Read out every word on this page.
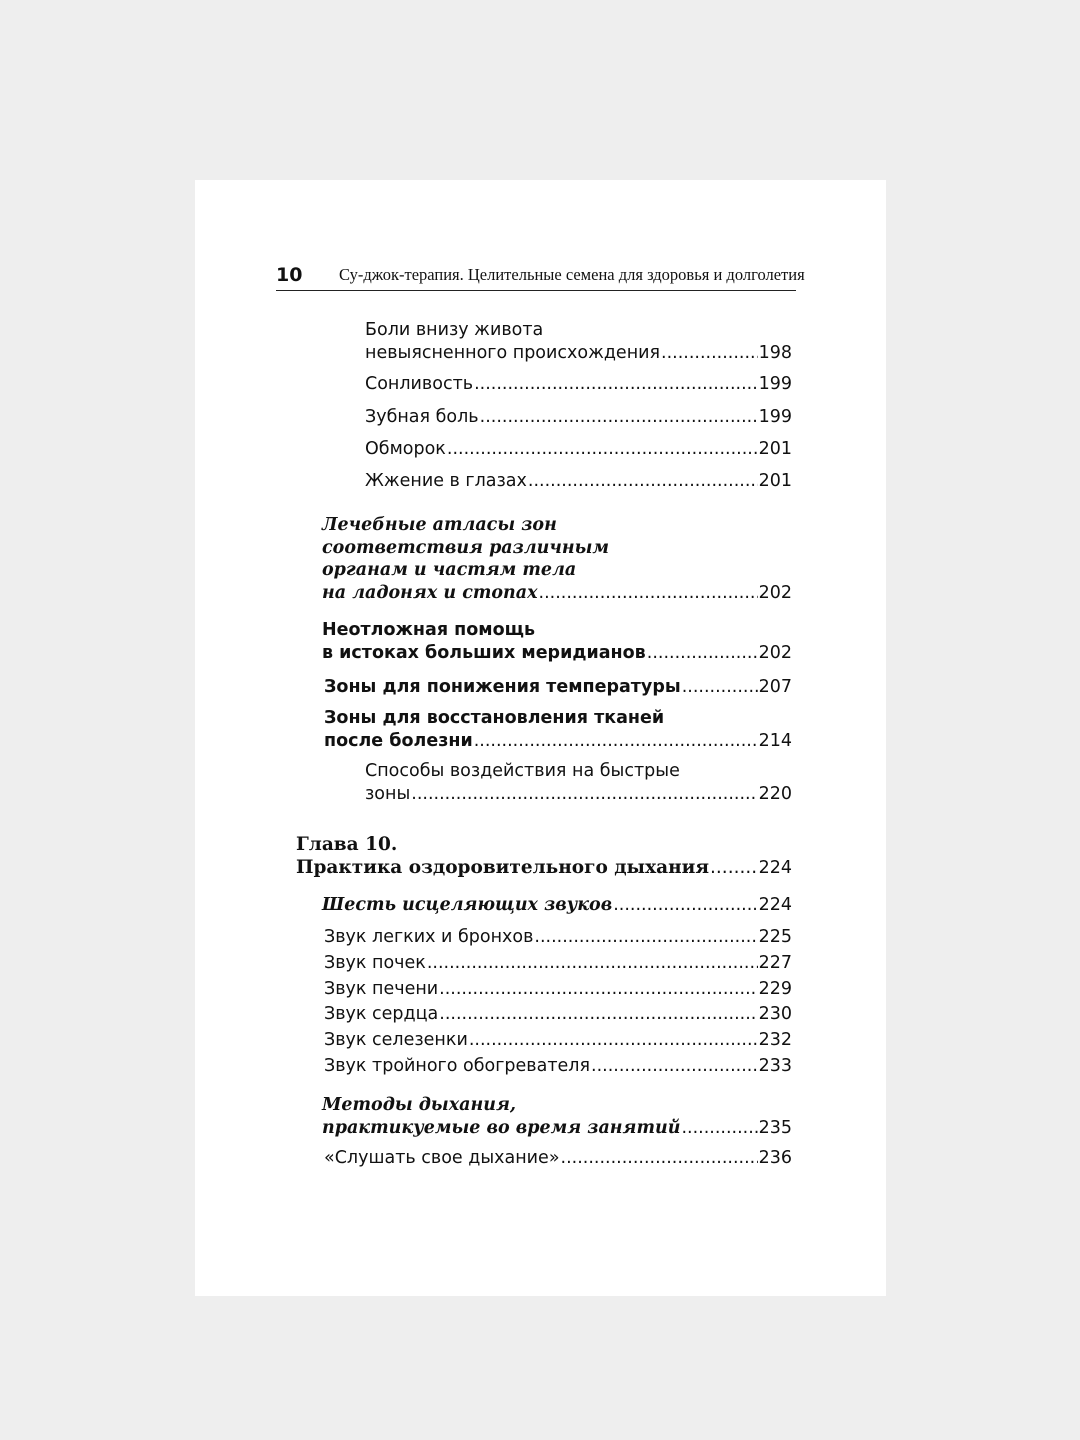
10 Су-джок-терапия. Целительные семена для здоровья и долголетия
Боли внизу живота
невыясненного происхождения .....	198
Сонливость .....	199
Зубная боль .....	199
Обморок .....	201
Жжение в глазах .....	201
Лечебные атласы зон
соответствия различным
органам и частям тела
на ладонях и стопах .....	202
Неотложная помощь
в истоках больших меридианов .....	202
Зоны для понижения температуры .....	207
Зоны для восстановления тканей
после болезни .....	214
Способы воздействия на быстрые
зоны .....	220
Глава 10.
Практика оздоровительного дыхания .....	224
Шесть исцеляющих звуков .....	224
Звук легких и бронхов .....	225
Звук почек .....	227
Звук печени .....	229
Звук сердца .....	230
Звук селезенки .....	232
Звук тройного обогревателя .....	233
Методы дыхания,
практикуемые во время занятий .....	235
«Слушать свое дыхание» .....	236
